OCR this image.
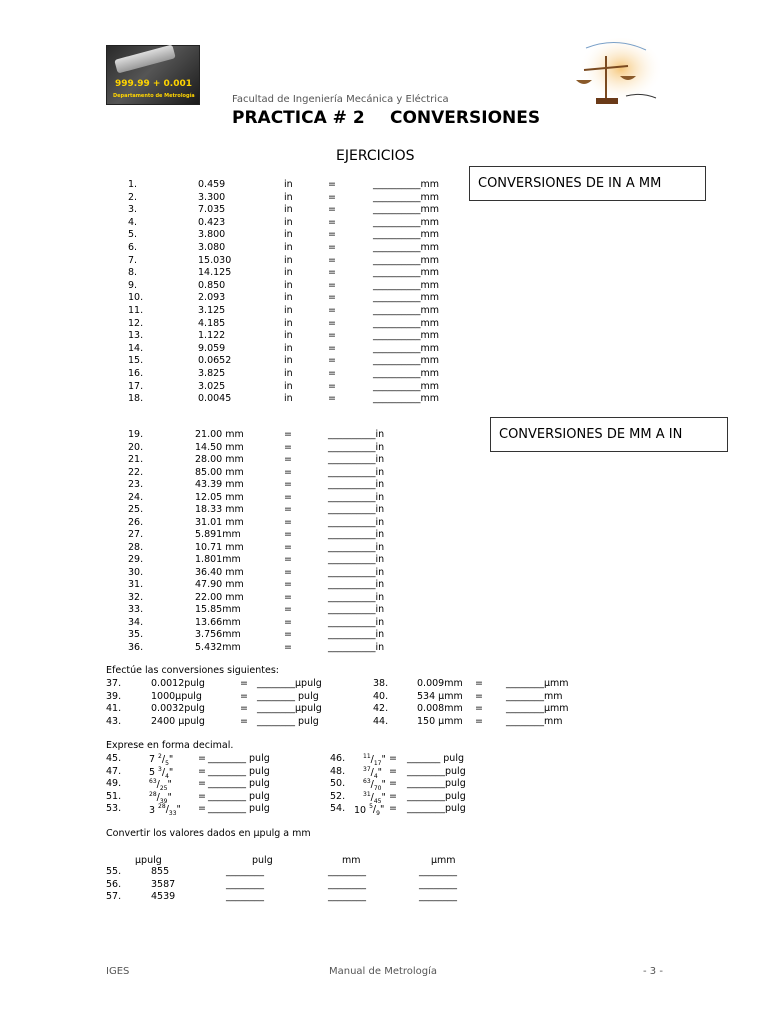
999.99 + 0.001
Departamento de Metrología	Facultad de Ingeniería Mecánica y Eléctrica
PRACTICA # 2 CONVERSIONES
EJERCICIOS
CONVERSIONES DE IN A MM
CONVERSIONES DE MM A IN
1.	0.459	in	=	__________mm
2.	3.300	in	=	__________mm
3.	7.035	in	=	__________mm
4.	0.423	in	=	__________mm
5.	3.800	in	=	__________mm
6.	3.080	in	=	__________mm
7.	15.030	in	=	__________mm
8.	14.125	in	=	__________mm
9.	0.850	in	=	__________mm
10.	2.093	in	=	__________mm
11.	3.125	in	=	__________mm
12.	4.185	in	=	__________mm
13.	1.122	in	=	__________mm
14.	9.059	in	=	__________mm
15.	0.0652	in	=	__________mm
16.	3.825	in	=	__________mm
17.	3.025	in	=	__________mm
18.	0.0045	in	=	__________mm
19.	21.00 mm	=	__________in
20.	14.50 mm	=	__________in
21.	28.00 mm	=	__________in
22.	85.00 mm	=	__________in
23.	43.39 mm	=	__________in
24.	12.05 mm	=	__________in
25.	18.33 mm	=	__________in
26.	31.01 mm	=	__________in
27.	5.891mm	=	__________in
28.	10.71 mm	=	__________in
29.	1.801mm	=	__________in
30.	36.40 mm	=	__________in
31.	47.90 mm	=	__________in
32.	22.00 mm	=	__________in
33.	15.85mm	=	__________in
34.	13.66mm	=	__________in
35.	3.756mm	=	__________in
36.	5.432mm	=	__________in
Efectúe las conversiones siguientes:
37.	0.0012pulg	= ________μpulg
39.	1000μpulg	= ________ pulg
41.	0.0032pulg	= ________μpulg
43.	2400 μpulg	= ________ pulg
38.	0.009mm = ________μmm
40.	534 μmm = ________mm
42.	0.008mm = ________μmm
44.	150 μmm = ________mm
Exprese en forma decimal.
45.	7 $^2/_5$"	= ________ pulg
47.	5 $^3/_4$"	= ________ pulg
49.	$^{63}/_{25}$"	= ________ pulg
51.	$^{28}/_{39}$"	= ________ pulg
53.	3 $^{28}/_{33}$" = ________ pulg
46.	$^{11}/_{17}$" = _______ pulg
48.	$^{37}/_4$" = ________pulg
50.	$^{63}/_{70}$" = ________pulg
52.	$^{31}/_{45}$" = ________pulg
54. 10 $^5/_9$" = ________pulg
Convertir los valores dados en μpulg a mm
μpulg	pulg	mm	μmm
55.	855	________	________	________
56.	3587	________	________	________
57.	4539	________	________	________
IGES	Manual de Metrología	- 3 -
